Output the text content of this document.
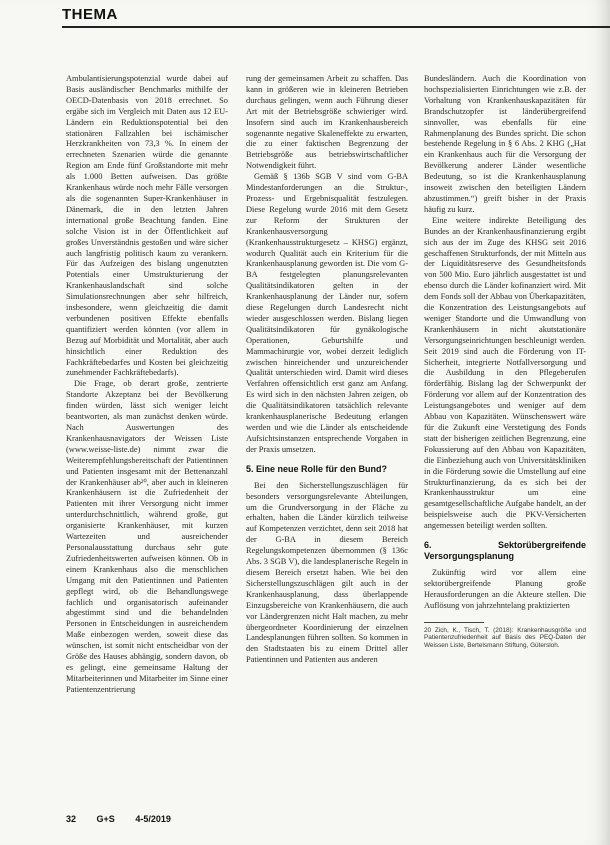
THEMA

Ambulantisierungspotenzial wurde dabei auf Basis ausländischer Benchmarks mithilfe der OECD-Datenbasis von 2018 errechnet. So ergäbe sich im Vergleich mit Daten aus 12 EU-Ländern ein Reduktionspotential bei den stationären Fallzahlen bei ischämischer Herzkrankheiten von 73,3 %. In einem der errechneten Szenarien würde die genannte Region am Ende fünf Großstandorte mit mehr als 1.000 Betten aufweisen. Das größte Krankenhaus würde noch mehr Fälle versorgen als die sogenannten Super-Krankenhäuser in Dänemark, die in den letzten Jahren international große Beachtung fanden. Eine solche Vision ist in der Öffentlichkeit auf großes Unverständnis gestoßen und wäre sicher auch langfristig politisch kaum zu verankern. Für das Aufzeigen des bislang ungenutzten Potentials einer Umstrukturierung der Krankenhauslandschaft sind solche Simulationsrechnungen aber sehr hilfreich, insbesondere, wenn gleichzeitig die damit verbundenen positiven Effekte ebenfalls quantifiziert werden könnten (vor allem in Bezug auf Morbidität und Mortalität, aber auch hinsichtlich einer Reduktion des Fachkräftebedarfes und Kosten bei gleichzeitig zunehmender Fachkräftebedarfs).

Die Frage, ob derart große, zentrierte Standorte Akzeptanz bei der Bevölkerung finden würden, lässt sich weniger leicht beantworten, als man zunächst denken würde. Nach Auswertungen des Krankenhausnavigators der Weissen Liste (www.weisse-liste.de) nimmt zwar die Weiterempfehlungsbereitschaft der Patientinnen und Patienten insgesamt mit der Bettenanzahl der Krankenhäuser ab²⁰, aber auch in kleineren Krankenhäusern ist die Zufriedenheit der Patienten mit ihrer Versorgung nicht immer unterdurchschnittlich, während große, gut organisierte Krankenhäuser, mit kurzen Wartezeiten und ausreichender Personalausstattung durchaus sehr gute Zufriedenheitswerten aufweisen können. Ob in einem Krankenhaus also die menschlichen Umgang mit den Patientinnen und Patienten gepflegt wird, ob die Behandlungswege fachlich und organisatorisch aufeinander abgestimmt sind und die behandelnden Personen in Entscheidungen in ausreichendem Maße einbezogen werden, soweit diese das wünschen, ist somit nicht entscheidbar von der Größe des Hauses abhängig, sondern davon, ob es gelingt, eine gemeinsame Haltung der Mitarbeiterinnen und Mitarbeiter im Sinne einer Patientenzentrierung

rung der gemeinsamen Arbeit zu schaffen. Das kann in größeren wie in kleineren Betrieben durchaus gelingen, wenn auch Führung dieser Art mit der Betriebsgröße schwieriger wird. Insofern sind auch im Krankenhausbereich sogenannte negative Skaleneffekte zu erwarten, die zu einer faktischen Begrenzung der Betriebsgröße aus betriebswirtschaftlicher Notwendigkeit führt.

Gemäß § 136b SGB V sind vom G-BA Mindestanforderungen an die Struktur-, Prozess- und Ergebnisqualität festzulegen. Diese Regelung wurde 2016 mit dem Gesetz zur Reform der Strukturen der Krankenhausversorgung (Krankenhausstrukturgesetz – KHSG) ergänzt, wodurch Qualität auch ein Kriterium für die Krankenhausplanung geworden ist. Die vom G-BA festgelegten planungsrelevanten Qualitätsindikatoren gelten in der Krankenhausplanung der Länder nur, sofern diese Regelungen durch Landesrecht nicht wieder ausgeschlossen werden. Bislang liegen Qualitätsindikatoren für gynäkologische Operationen, Geburtshilfe und Mammachirurgie vor, wobei derzeit lediglich zwischen hinreichender und unzureichender Qualität unterschieden wird. Damit wird dieses Verfahren offensichtlich erst ganz am Anfang. Es wird sich in den nächsten Jahren zeigen, ob die Qualitätsindikatoren tatsächlich relevante krankenhausplanerische Bedeutung erlangen werden und wie die Länder als entscheidende Aufsichtsinstanzen entsprechende Vorgaben in der Praxis umsetzen.

5. Eine neue Rolle für den Bund?

Bei den Sicherstellungszuschlägen für besonders versorgungsrelevante Abteilungen, um die Grundversorgung in der Fläche zu erhalten, haben die Länder kürzlich teilweise auf Kompetenzen verzichtet, denn seit 2018 hat der G-BA in diesem Bereich Regelungskompetenzen übernommen (§ 136c Abs. 3 SGB V), die landesplanerische Regeln in diesem Bereich ersetzt haben. Wie bei den Sicherstellungszuschlägen gilt auch in der Krankenhausplanung, dass überlappende Einzugsbereiche von Krankenhäusern, die auch vor Ländergrenzen nicht Halt machen, zu mehr übergeordneter Koordinierung der einzelnen Landesplanungen führen sollten. So kommen in den Stadtstaaten bis zu einem Drittel aller Patientinnen und Patienten aus anderen

Bundesländern. Auch die Koordination von hochspezialisierten Einrichtungen wie z.B. der Vorhaltung von Krankenhauskapazitäten für Brandschutzopfer ist länderübergreifend sinnvoller, was ebenfalls für eine Rahmenplanung des Bundes spricht. Die schon bestehende Regelung in § 6 Abs. 2 KHG („Hat ein Krankenhaus auch für die Versorgung der Bevölkerung anderer Länder wesentliche Bedeutung, so ist die Krankenhausplanung insoweit zwischen den beteiligten Ländern abzustimmen.“) greift bisher in der Praxis häufig zu kurz.

Eine weitere indirekte Beteiligung des Bundes an der Krankenhausfinanzierung ergibt sich aus der im Zuge des KHSG seit 2016 geschaffenen Strukturfonds, der mit Mitteln aus der Liquiditätsreserve des Gesundheitsfonds von 500 Mio. Euro jährlich ausgestattet ist und ebenso durch die Länder kofinanziert wird. Mit dem Fonds soll der Abbau von Überkapazitäten, die Konzentration des Leistungsangebots auf weniger Standorte und die Umwandlung von Krankenhäusern in nicht akutstationäre Versorgungseinrichtungen beschleunigt werden. Seit 2019 sind auch die Förderung von IT-Sicherheit, integrierte Notfallversorgung und die Ausbildung in den Pflegeberufen förderfähig. Bislang lag der Schwerpunkt der Förderung vor allem auf der Konzentration des Leistungsangebotes und weniger auf dem Abbau von Kapazitäten. Wünschenswert wäre für die Zukunft eine Verstetigung des Fonds statt der bisherigen zeitlichen Begrenzung, eine Fokussierung auf den Abbau von Kapazitäten, die Einbeziehung auch von Universitätskliniken in die Förderung sowie die Umstellung auf eine Strukturfinanzierung, da es sich bei der Krankenhausstruktur um eine gesamtgesellschaftliche Aufgabe handelt, an der beispielsweise auch die PKV-Versicherten angemessen beteiligt werden sollten.

6. Sektorübergreifende Versorgungsplanung

Zukünftig wird vor allem eine sektorübergreifende Planung große Herausforderungen an die Akteure stellen. Die Auflösung von jahrzehntelang praktizierten

20 Zich, K., Tisch, T. (2018): Krankenhausgröße und Patientenzufriedenheit auf Basis des PEQ-Daten der Weissen Liste, Bertelsmann Stiftung, Gütersloh.

32 G+S 4-5/2019
